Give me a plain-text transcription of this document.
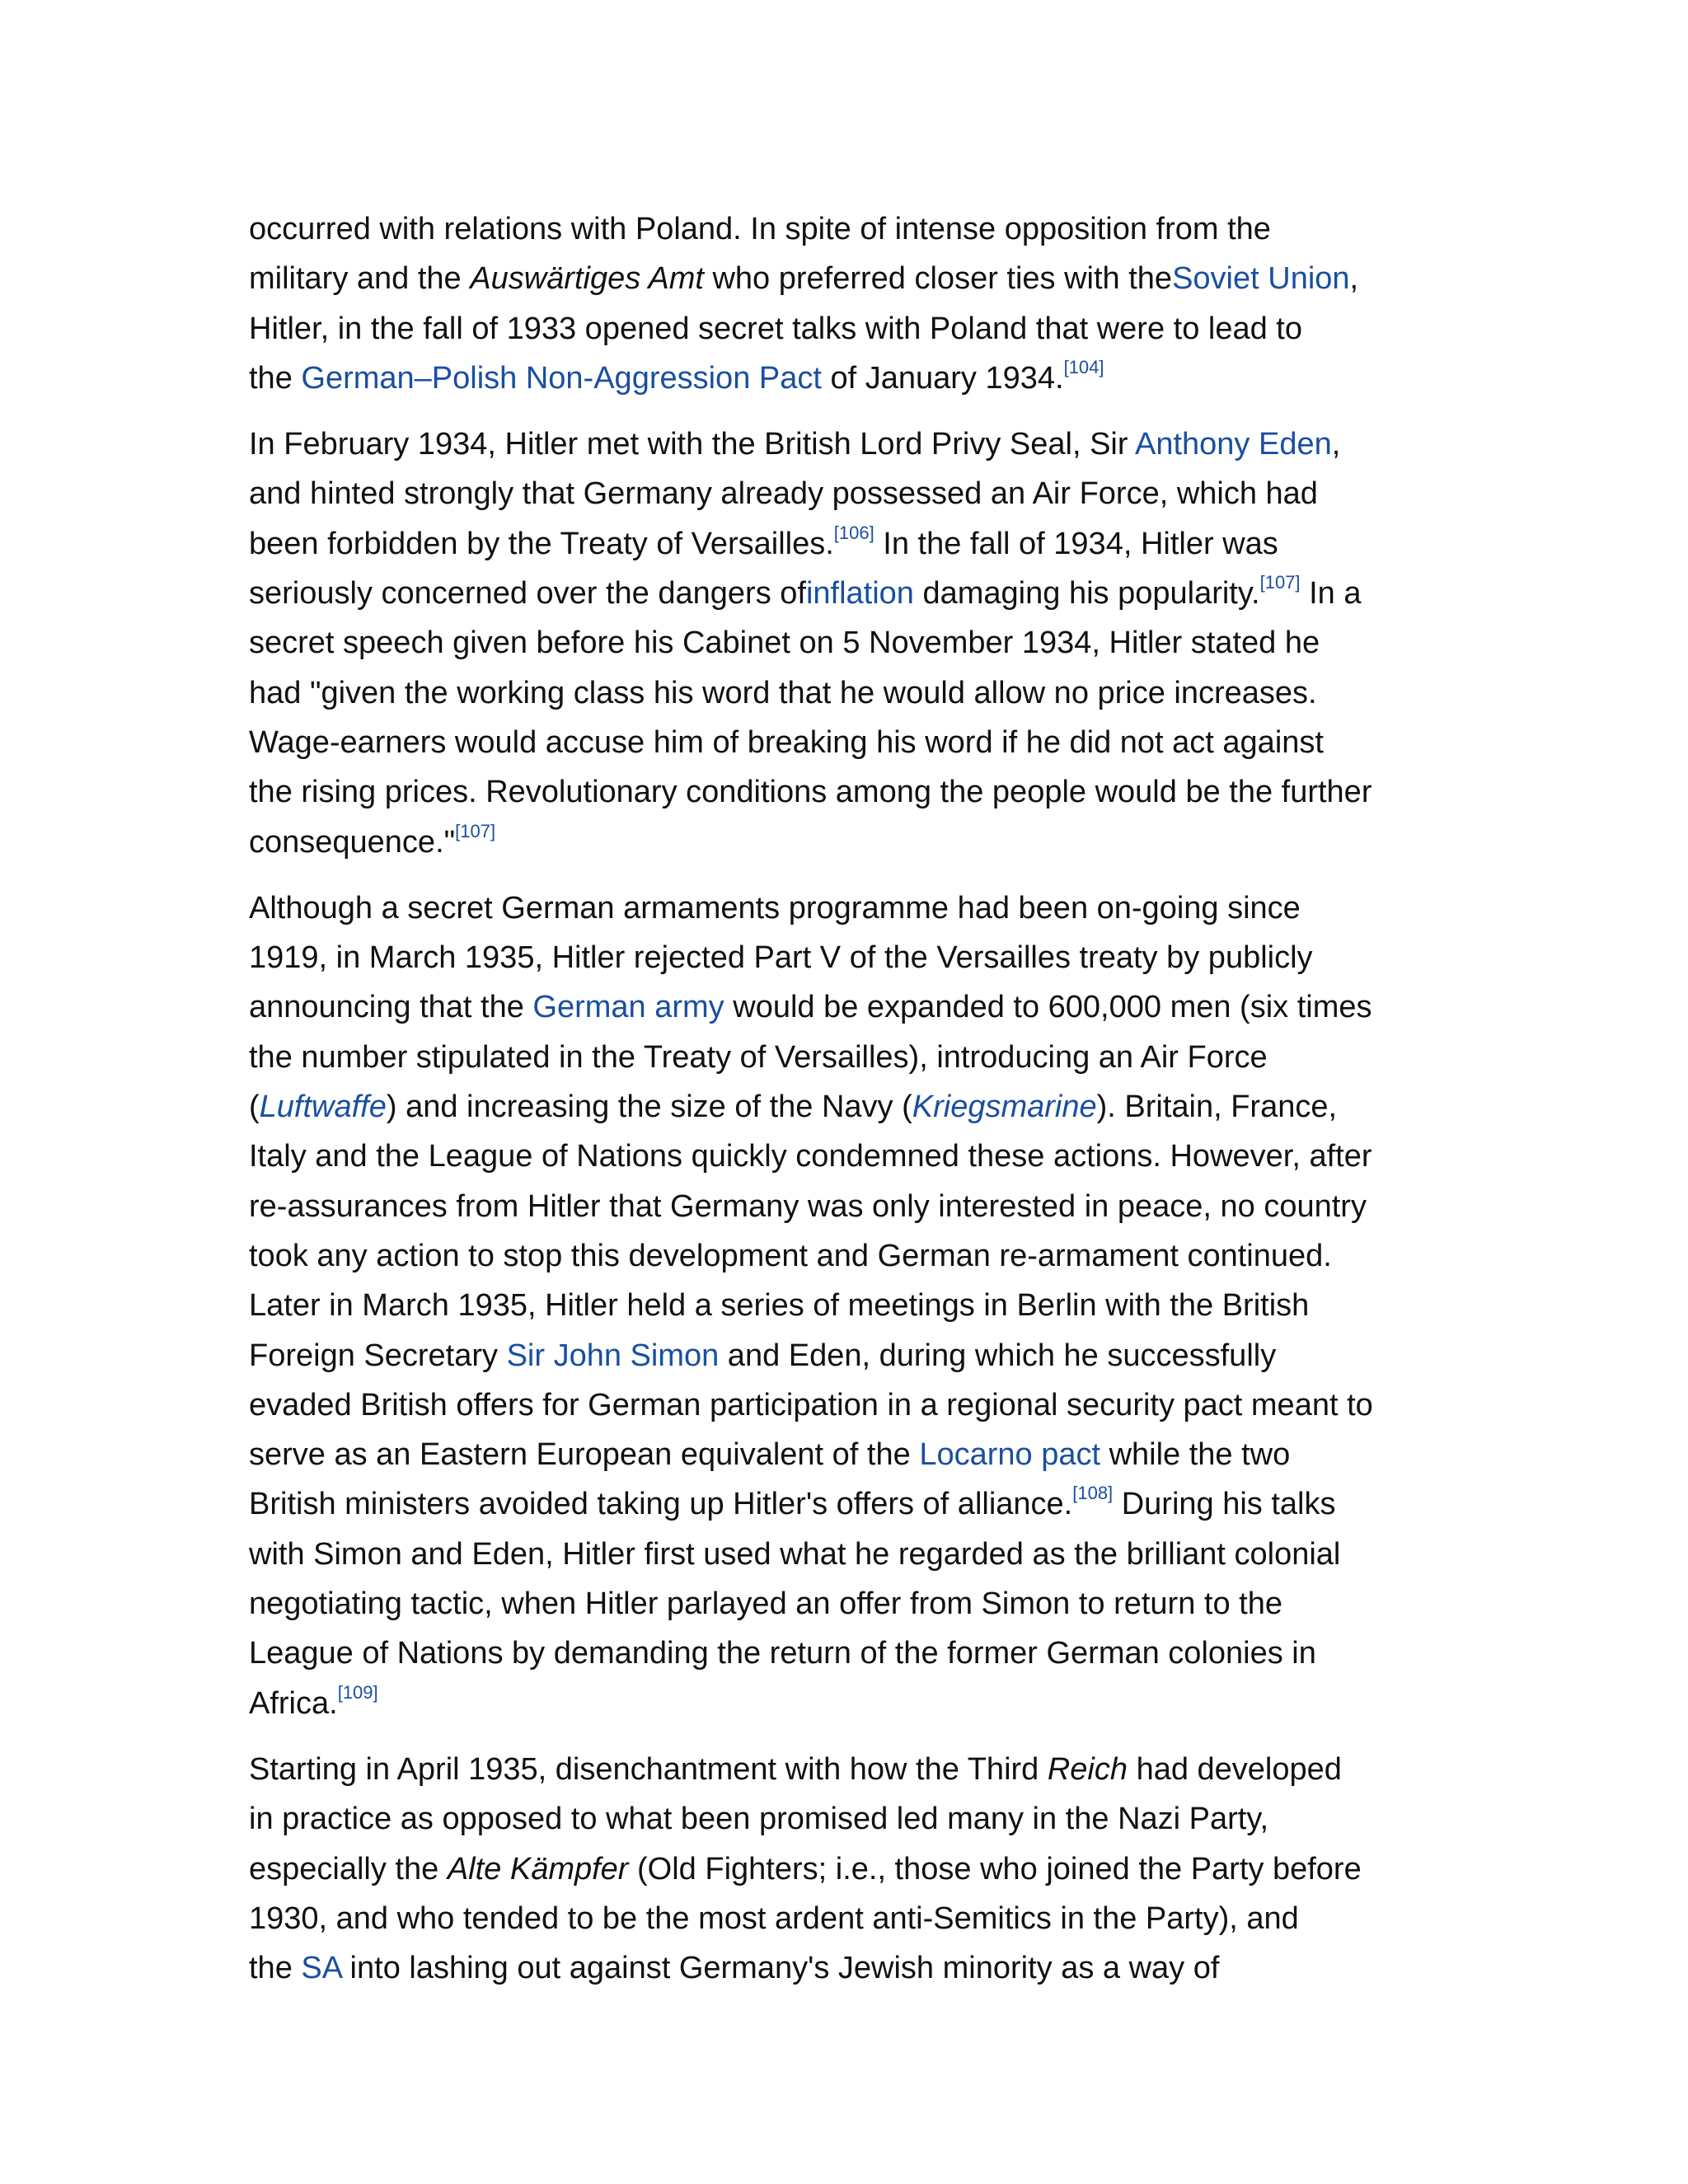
occurred with relations with Poland. In spite of intense opposition from the
military and the Auswärtiges Amt who preferred closer ties with theSoviet Union,
Hitler, in the fall of 1933 opened secret talks with Poland that were to lead to
the German–Polish Non-Aggression Pact of January 1934.[104]
In February 1934, Hitler met with the British Lord Privy Seal, Sir Anthony Eden,
and hinted strongly that Germany already possessed an Air Force, which had
been forbidden by the Treaty of Versailles.[106] In the fall of 1934, Hitler was
seriously concerned over the dangers ofinflation damaging his popularity.[107] In a
secret speech given before his Cabinet on 5 November 1934, Hitler stated he
had "given the working class his word that he would allow no price increases.
Wage-earners would accuse him of breaking his word if he did not act against
the rising prices. Revolutionary conditions among the people would be the further
consequence."[107]
Although a secret German armaments programme had been on-going since
1919, in March 1935, Hitler rejected Part V of the Versailles treaty by publicly
announcing that the German army would be expanded to 600,000 men (six times
the number stipulated in the Treaty of Versailles), introducing an Air Force
(Luftwaffe) and increasing the size of the Navy (Kriegsmarine). Britain, France,
Italy and the League of Nations quickly condemned these actions. However, after
re-assurances from Hitler that Germany was only interested in peace, no country
took any action to stop this development and German re-armament continued.
Later in March 1935, Hitler held a series of meetings in Berlin with the British
Foreign Secretary Sir John Simon and Eden, during which he successfully
evaded British offers for German participation in a regional security pact meant to
serve as an Eastern European equivalent of the Locarno pact while the two
British ministers avoided taking up Hitler's offers of alliance.[108] During his talks
with Simon and Eden, Hitler first used what he regarded as the brilliant colonial
negotiating tactic, when Hitler parlayed an offer from Simon to return to the
League of Nations by demanding the return of the former German colonies in
Africa.[109]
Starting in April 1935, disenchantment with how the Third Reich had developed
in practice as opposed to what been promised led many in the Nazi Party,
especially the Alte Kämpfer (Old Fighters; i.e., those who joined the Party before
1930, and who tended to be the most ardent anti-Semitics in the Party), and
the SA into lashing out against Germany's Jewish minority as a way of
